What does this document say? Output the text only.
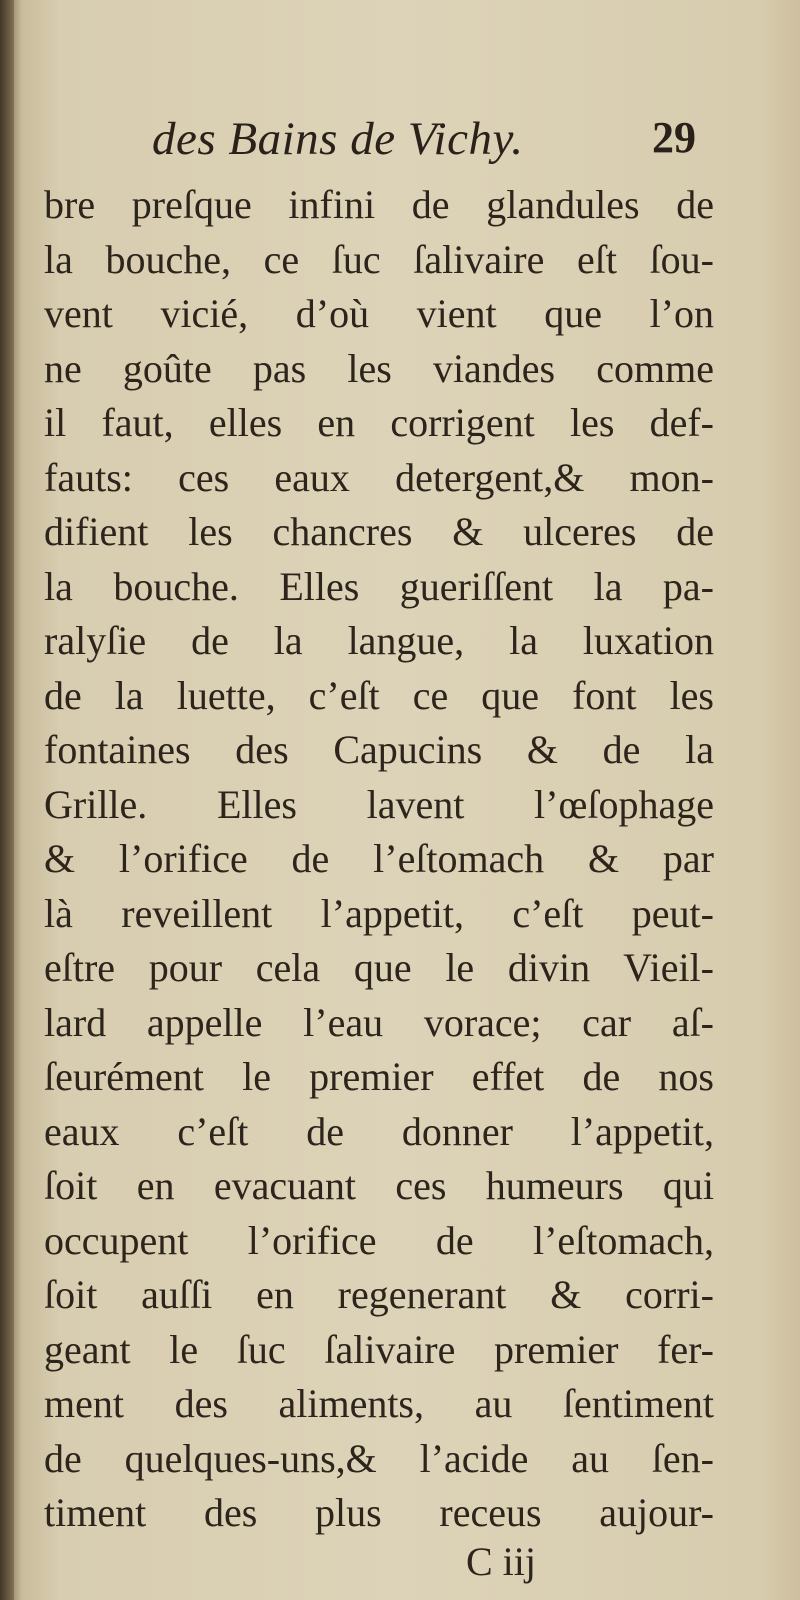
des Bains de Vichy.	29
bre preſque infini de glandules de
la bouche, ce ſuc ſalivaire eſt ſou-
vent vicié, d’où vient que l’on
ne goûte pas les viandes comme
il faut, elles en corrigent les def-
fauts: ces eaux detergent,& mon-
difient les chancres & ulceres de
la bouche. Elles gueriſſent la pa-
ralyſie de la langue, la luxation
de la luette, c’eſt ce que font les
fontaines des Capucins & de la
Grille. Elles lavent l’œſophage
& l’orifice de l’eſtomach & par
là reveillent l’appetit, c’eſt peut-
eſtre pour cela que le divin Vieil-
lard appelle l’eau vorace; car aſ-
ſeurément le premier effet de nos
eaux c’eſt de donner l’appetit,
ſoit en evacuant ces humeurs qui
occupent l’orifice de l’eſtomach,
ſoit auſſi en regenerant & corri-
geant le ſuc ſalivaire premier fer-
ment des aliments, au ſentiment
de quelques-uns,& l’acide au ſen-
timent des plus receus aujour-
C iij
